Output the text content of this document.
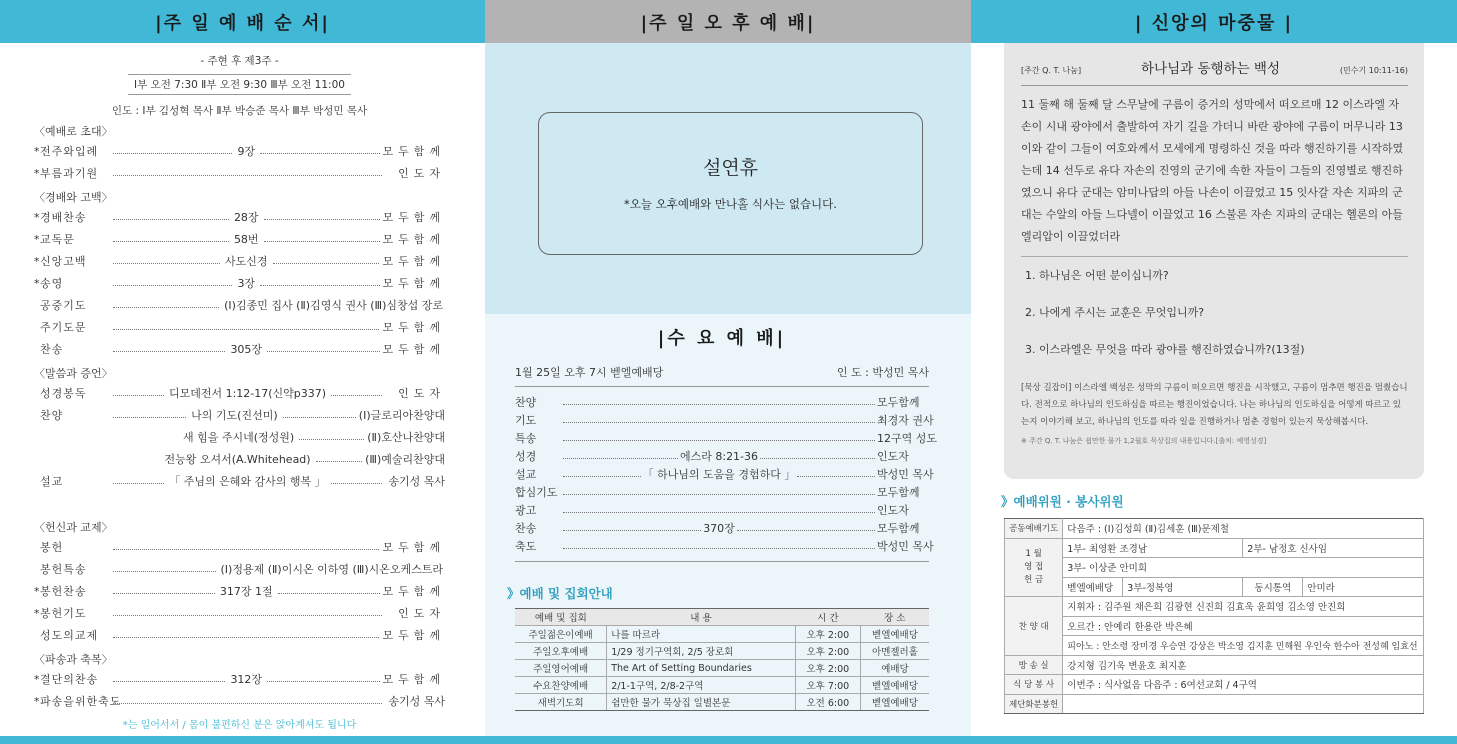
|주 일 예 배 순 서|
- 주현 후 제3주 -
Ⅰ부 오전 7:30 Ⅱ부 오전 9:30 Ⅲ부 오전 11:00
인도 : Ⅰ부 김성혁 목사 Ⅱ부 박승준 목사 Ⅲ부 박성민 목사
〈예배로 초대〉
* 전주와입례	9장	모두함께
* 부름과기원	인도자
〈경배와 고백〉
* 경배찬송	28장	모두함께
* 교독문	58번	모두함께
* 신앙고백	사도신경	모두함께
* 송영	3장	모두함께
공중기도	(Ⅰ)김종민 집사 (Ⅱ)김영식 권사 (Ⅲ)심창섭 장로
주기도문	모두함께
찬송	305장	모두함께
〈말씀과 증언〉
성경봉독	디모데전서 1:12-17(신약p337)	인도자
찬양	나의 기도(진선미)	(Ⅰ)글로리아찬양대
새 힘을 주시네(정성원)	(Ⅱ)호산나찬양대
전능왕 오셔서(A.Whitehead)	(Ⅲ)예술리찬양대
설교	「 주님의 은혜와 감사의 행복 」	송기성 목사
〈헌신과 교제〉
봉헌	모두함께
봉헌특송	(Ⅰ)정용제 (Ⅱ)이시온 이하영 (Ⅲ)시온오케스트라
* 봉헌찬송	317장 1절	모두함께
* 봉헌기도	인도자
성도의교제	모두함께
〈파송과 축복〉
* 결단의찬송	312장	모두함께
* 파송을위한축도	송기성 목사
*는 일어서서 / 몸이 불편하신 분은 앉아계셔도 됩니다
|주 일 오 후 예 배|
설연휴
*오늘 오후예배와 만나홀 식사는 없습니다.
|수 요 예 배|
1월 25일 오후 7시 벧엘예배당	인 도 : 박성민 목사
찬양	모두함께
기도	최경자 권사
특송	12구역 성도
성경	에스라 8:21-36	인도자
설교	「 하나님의 도움을 경험하다 」	박성민 목사
합심기도	모두함께
광고	인도자
찬송	370장	모두함께
축도	박성민 목사
》예배 및 집회안내
예배 및 집회	내 용	시 간	장 소
주일젊은이예배	나를 따르라	오후 2:00	벧엘예배당
주일오후예배	1/29 정기구역회, 2/5 장로회	오후 2:00	아멘젤러홀
주일영어예배	The Art of Setting Boundaries	오후 2:00	예배당
수요찬양예배	2/1-1구역, 2/8-2구역	오후 7:00	벧엘예배당
새벽기도회	쉼만한 물가 묵상집 일별본문	오전 6:00	벧엘예배당
| 신앙의 마중물 |
[주간 Q. T. 나눔]	하나님과 동행하는 백성	(민수기 10:11-16)
11 둘째 해 둘째 달 스무날에 구름이 증거의 성막에서 떠오르매 12 이스라엘 자손이 시내 광야에서 출발하여 자기 길을 가더니 바란 광야에 구름이 머무니라 13 이와 같이 그들이 여호와께서 모세에게 명령하신 것을 따라 행진하기를 시작하였는데 14 선두로 유다 자손의 진영의 군기에 속한 자들이 그들의 진영별로 행진하였으니 유다 군대는 암미나답의 아들 나손이 이끌었고 15 잇사갈 자손 지파의 군대는 수알의 아들 느다넬이 이끌었고 16 스불론 자손 지파의 군대는 헬론의 아들 엘리압이 이끌었더라
1. 하나님은 어떤 분이십니까?
2. 나에게 주시는 교훈은 무엇입니까?
3. 이스라엘은 무엇을 따라 광야를 행진하였습니까?(13절)
[묵상 길잡이] 이스라엘 백성은 성막의 구름이 떠오르면 행진을 시작했고, 구름이 멈추면 행진을 멈췄습니다. 전적으로 하나님의 인도하심을 따르는 행진이었습니다. 나는 하나님의 인도하심을 어떻게 따르고 있는지 이야기해 보고, 하나님의 인도를 따라 일을 진행하거나 멈춘 경험이 있는지 묵상해봅시다.
※ 주간 Q. T. 나눔은 쉼만한 물가 1,2월호 묵상집의 내용입니다.[출처: 예영성경]
》예배위원 · 봉사위원
공동예배기도	다음주 : (Ⅰ)김성희 (Ⅱ)김세훈 (Ⅲ)문제철			
1 월
영 접
헌 금	1부- 최영환 조경남		2부- 남정호 신사임	
	3부- 이상준 안미희			
	벧엘예배당	3부-정복영	동시통역	안미라
찬 양 대	지휘자 : 김주원 채은희 김광현 신진희 김효욱 윤희영 김소영 안진희			
	오르간 : 안예리 한용란 박은혜			
	피아노 : 안소령 장미경 우승연 강상은 박소영 김지훈 민해원 우인숙 한수아 전성혜 임효선			
방 송 실	강지형 김기욱 변윤호 최지훈			
식 당 봉 사	이번주 : 식사없음 다음주 : 6여선교회 / 4구역			
제단화분봉헌				
